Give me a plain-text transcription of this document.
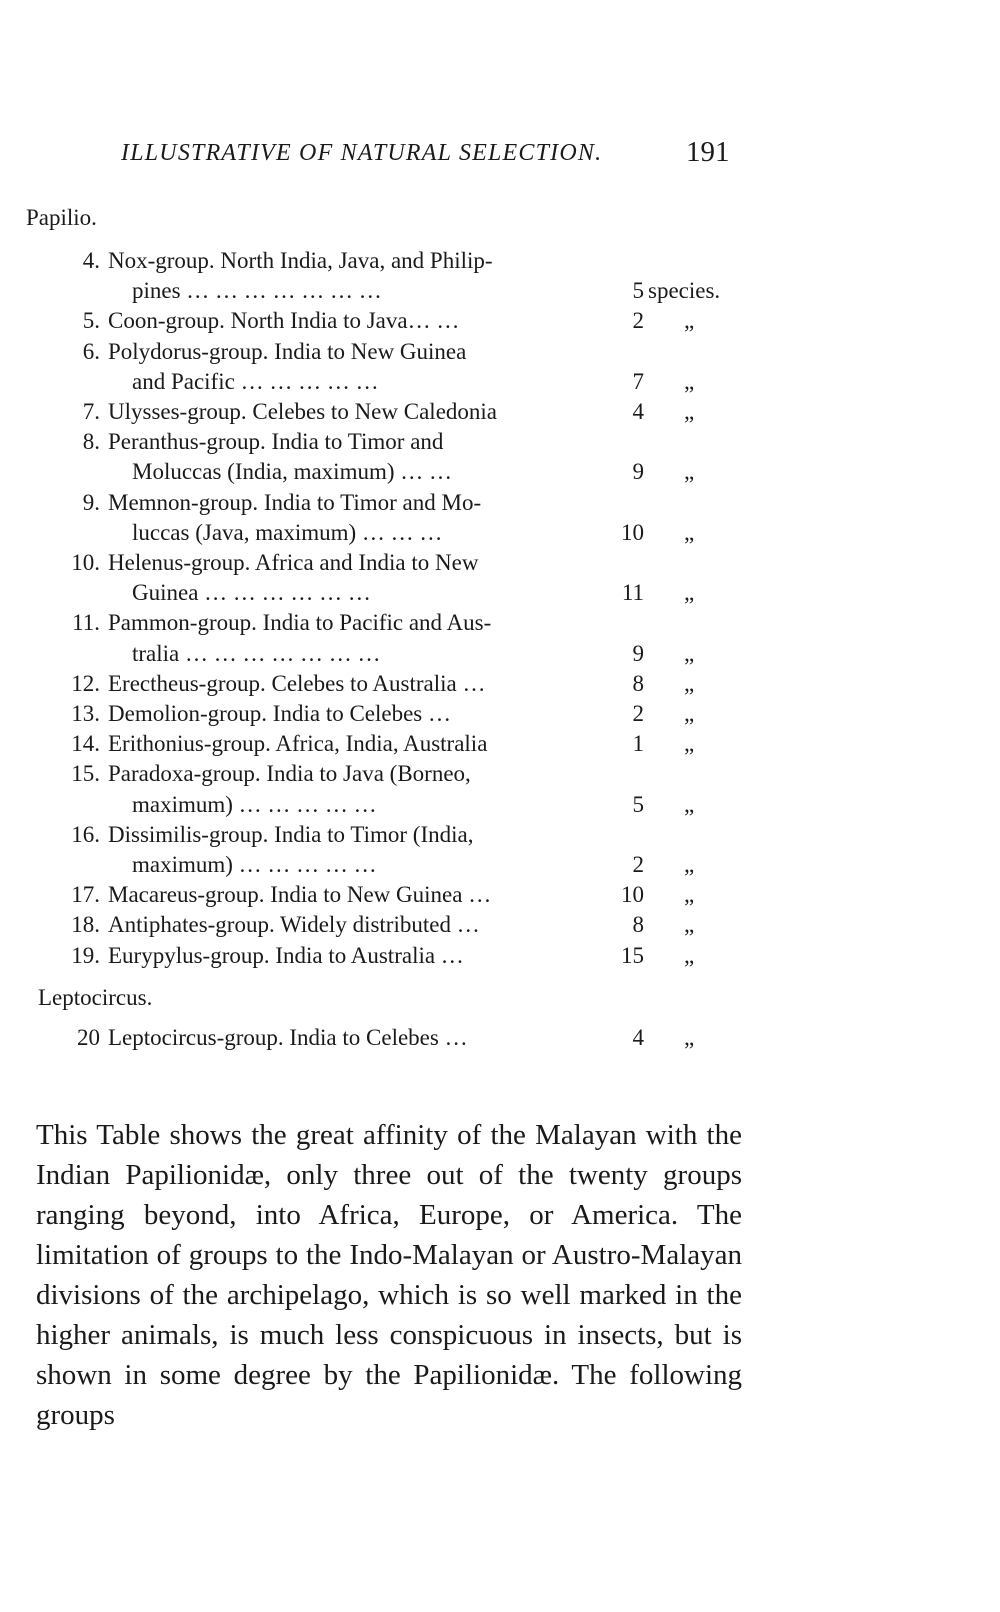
ILLUSTRATIVE OF NATURAL SELECTION.	191
Papilio.
4. Nox-group. North India, Java, and Philip-
pines … … … … … … …	5 species.
5. Coon-group. North India to Java… …	2 „
6. Polydorus-group. India to New Guinea
and Pacific … … … … …	7 „
7. Ulysses-group. Celebes to New Caledonia	4 „
8. Peranthus-group. India to Timor and
Moluccas (India, maximum) … …	9 „
9. Memnon-group. India to Timor and Mo-
luccas (Java, maximum) … … …	10 „
10. Helenus-group. Africa and India to New
Guinea … … … … … …	11 „
11. Pammon-group. India to Pacific and Aus-
tralia … … … … … … …	9 „
12. Erectheus-group. Celebes to Australia …	8 „
13. Demolion-group. India to Celebes …	2 „
14. Erithonius-group. Africa, India, Australia	1 „
15. Paradoxa-group. India to Java (Borneo,
maximum) … … … … …	5 „
16. Dissimilis-group. India to Timor (India,
maximum) … … … … …	2 „
17. Macareus-group. India to New Guinea …	10 „
18. Antiphates-group. Widely distributed …	8 „
19. Eurypylus-group. India to Australia …	15 „
Leptocircus.
20 Leptocircus-group. India to Celebes …	4 „

This Table shows the great affinity of the Malayan with the Indian Papilionidæ, only three out of the twenty groups ranging beyond, into Africa, Europe, or America. The limitation of groups to the Indo-Malayan or Austro-Malayan divisions of the archipelago, which is so well marked in the higher animals, is much less conspicuous in insects, but is shown in some degree by the Papilionidæ. The following groups
